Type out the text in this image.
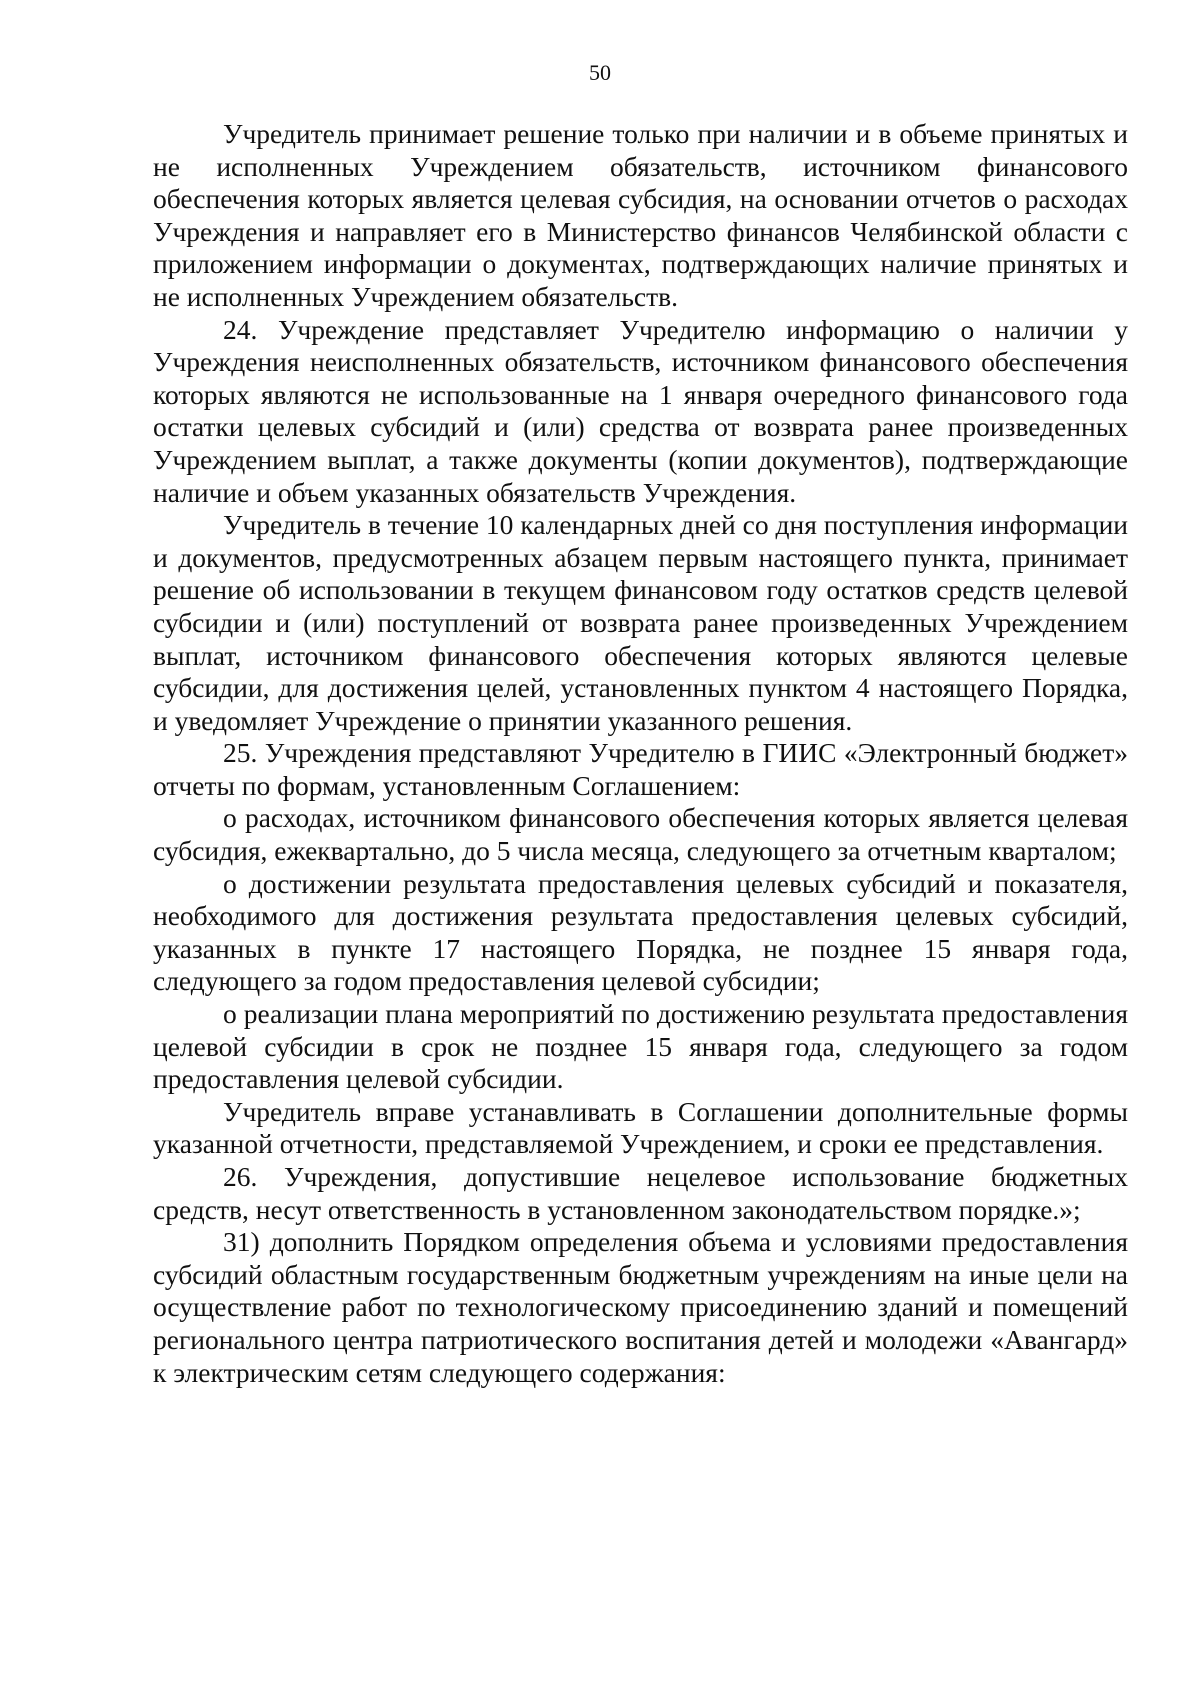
50

Учредитель принимает решение только при наличии и в объеме принятых и не исполненных Учреждением обязательств, источником финансового обеспечения которых является целевая субсидия, на основании отчетов о расходах Учреждения и направляет его в Министерство финансов Челябинской области с приложением информации о документах, подтверждающих наличие принятых и не исполненных Учреждением обязательств.

24. Учреждение представляет Учредителю информацию о наличии у Учреждения неисполненных обязательств, источником финансового обеспечения которых являются не использованные на 1 января очередного финансового года остатки целевых субсидий и (или) средства от возврата ранее произведенных Учреждением выплат, а также документы (копии документов), подтверждающие наличие и объем указанных обязательств Учреждения.

Учредитель в течение 10 календарных дней со дня поступления информации и документов, предусмотренных абзацем первым настоящего пункта, принимает решение об использовании в текущем финансовом году остатков средств целевой субсидии и (или) поступлений от возврата ранее произведенных Учреждением выплат, источником финансового обеспечения которых являются целевые субсидии, для достижения целей, установленных пунктом 4 настоящего Порядка, и уведомляет Учреждение о принятии указанного решения.

25. Учреждения представляют Учредителю в ГИИС «Электронный бюджет» отчеты по формам, установленным Соглашением:

о расходах, источником финансового обеспечения которых является целевая субсидия, ежеквартально, до 5 числа месяца, следующего за отчетным кварталом;

о достижении результата предоставления целевых субсидий и показателя, необходимого для достижения результата предоставления целевых субсидий, указанных в пункте 17 настоящего Порядка, не позднее 15 января года, следующего за годом предоставления целевой субсидии;

о реализации плана мероприятий по достижению результата предоставления целевой субсидии в срок не позднее 15 января года, следующего за годом предоставления целевой субсидии.

Учредитель вправе устанавливать в Соглашении дополнительные формы указанной отчетности, представляемой Учреждением, и сроки ее представления.

26. Учреждения, допустившие нецелевое использование бюджетных средств, несут ответственность в установленном законодательством порядке.»;

31) дополнить Порядком определения объема и условиями предоставления субсидий областным государственным бюджетным учреждениям на иные цели на осуществление работ по технологическому присоединению зданий и помещений регионального центра патриотического воспитания детей и молодежи «Авангард» к электрическим сетям следующего содержания:
